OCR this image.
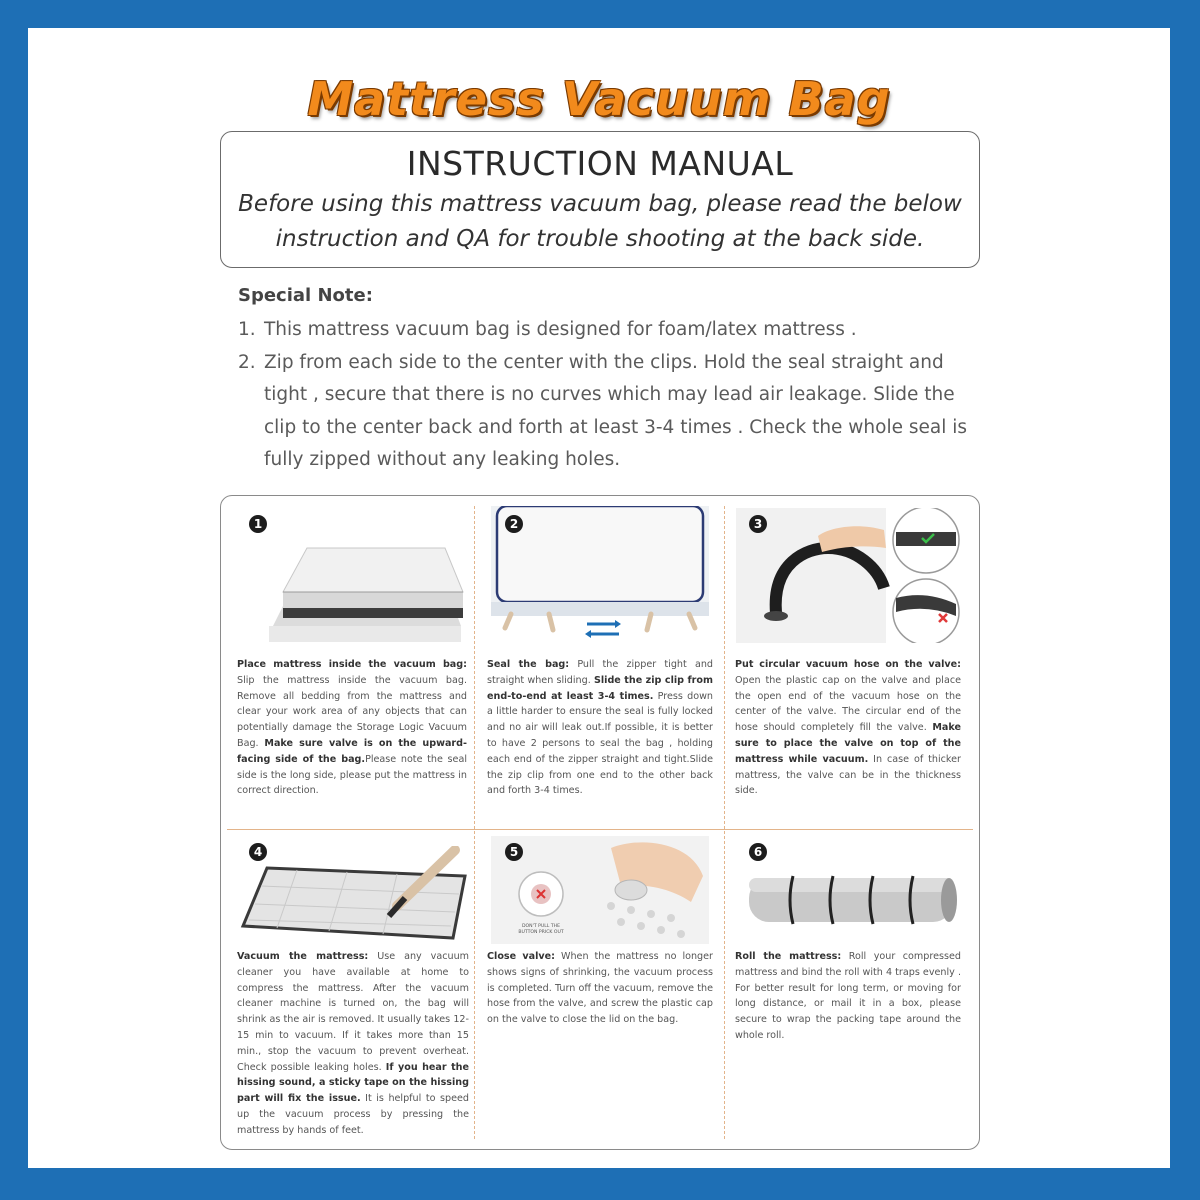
Mattress Vacuum Bag
INSTRUCTION MANUAL
Before using this mattress vacuum bag, please read the below
instruction and QA for trouble shooting at the back side.
Special Note:
1. This mattress vacuum bag is designed for foam/latex mattress .
2. Zip from each side to the center with the clips. Hold the seal straight and tight , secure that there is no curves which may lead air leakage. Slide the clip to the center back and forth at least 3-4 times . Check the whole seal is fully zipped without any leaking holes.
1
Place mattress inside the vacuum bag: Slip the mattress inside the vacuum bag. Remove all bedding from the mattress and clear your work area of any objects that can potentially damage the Storage Logic Vacuum Bag. Make sure valve is on the upward-facing side of the bag.Please note the seal side is the long side, please put the mattress in correct direction.
2
Seal the bag: Pull the zipper tight and straight when sliding. Slide the zip clip from end-to-end at least 3-4 times. Press down a little harder to ensure the seal is fully locked and no air will leak out.If possible, it is better to have 2 persons to seal the bag , holding each end of the zipper straight and tight.Slide the zip clip from one end to the other back and forth 3-4 times.
3
Put circular vacuum hose on the valve: Open the plastic cap on the valve and place the open end of the vacuum hose on the center of the valve. The circular end of the hose should completely fill the valve. Make sure to place the valve on top of the mattress while vacuum. In case of thicker mattress, the valve can be in the thickness side.
4
Vacuum the mattress: Use any vacuum cleaner you have available at home to compress the mattress. After the vacuum cleaner machine is turned on, the bag will shrink as the air is removed. It usually takes 12-15 min to vacuum. If it takes more than 15 min., stop the vacuum to prevent overheat. Check possible leaking holes. If you hear the hissing sound, a sticky tape on the hissing part will fix the issue. It is helpful to speed up the vacuum process by pressing the mattress by hands of feet.
5
DON'T PULL THE
BUTTON PRICK OUT
Close valve: When the mattress no longer shows signs of shrinking, the vacuum process is completed. Turn off the vacuum, remove the hose from the valve, and screw the plastic cap on the valve to close the lid on the bag.
6
Roll the mattress: Roll your compressed mattress and bind the roll with 4 traps evenly . For better result for long term, or moving for long distance, or mail it in a box, please secure to wrap the packing tape around the whole roll.
